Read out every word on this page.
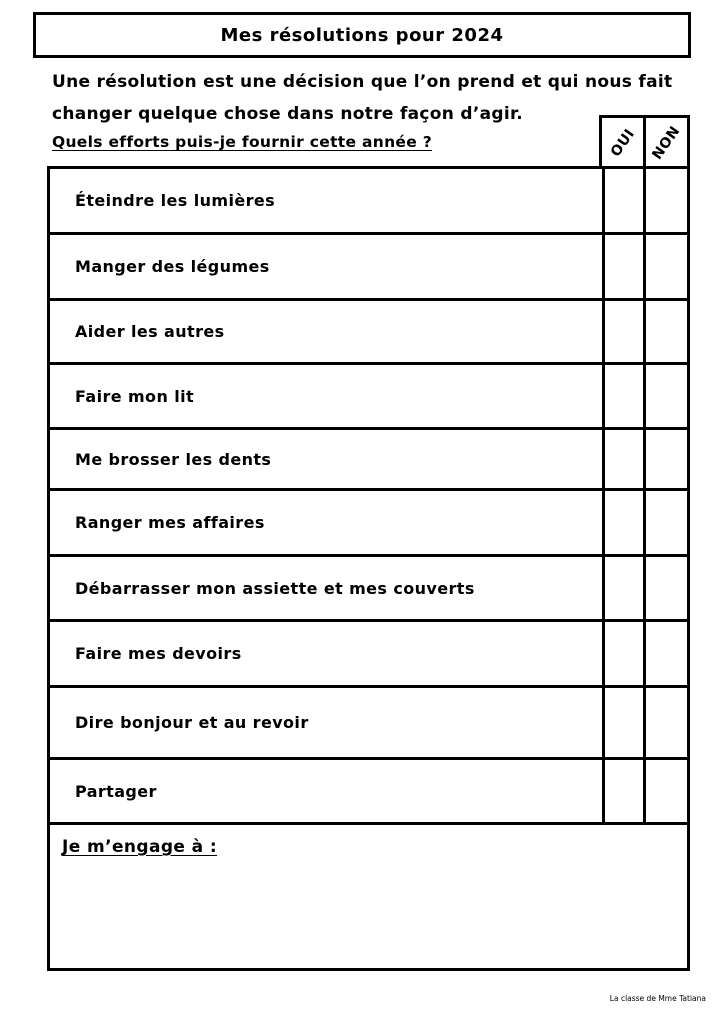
Mes résolutions pour 2024
Une résolution est une décision que l’on prend et qui nous fait changer quelque chose dans notre façon d’agir.
Quels efforts puis-je fournir cette année ?	OUI NON
Éteindre les lumières
Manger des légumes
Aider les autres
Faire mon lit
Me brosser les dents
Ranger mes affaires
Débarrasser mon assiette et mes couverts
Faire mes devoirs
Dire bonjour et au revoir
Partager
Je m’engage à :
La classe de Mme Tatiana
